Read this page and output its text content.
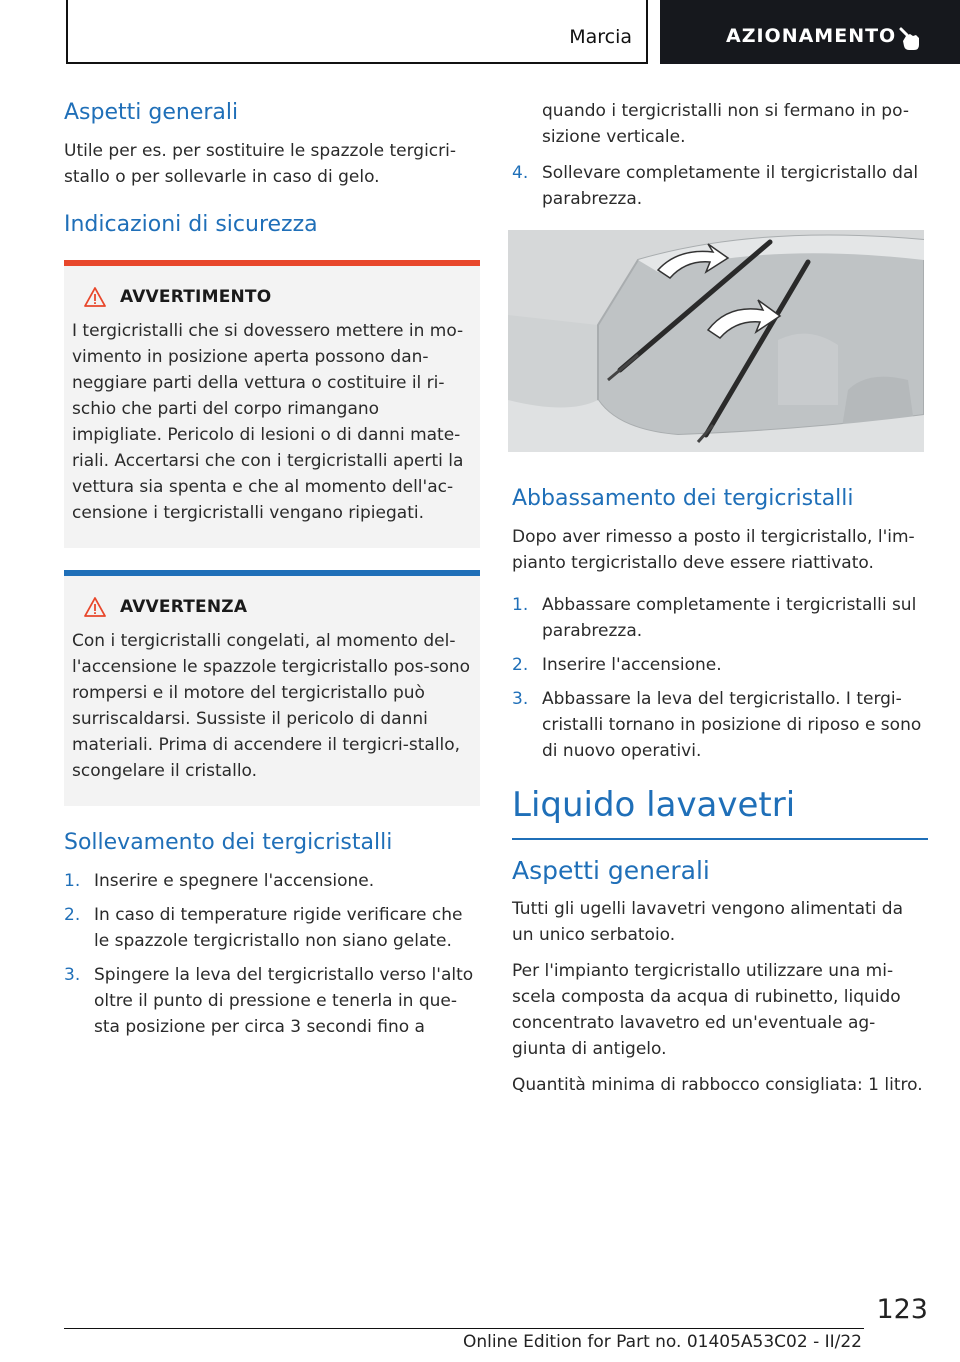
Marcia	AZIONAMENTO
Aspetti generali

Utile per es. per sostituire le spazzole tergicri-stallo o per sollevarle in caso di gelo.

Indicazioni di sicurezza
AVVERTIMENTO

I tergicristalli che si dovessero mettere in mo-vimento in posizione aperta possono dan-neggiare parti della vettura o costituire il ri-schio che parti del corpo rimangano impigliate. Pericolo di lesioni o di danni mate-riali. Accertarsi che con i tergicristalli aperti la vettura sia spenta e che al momento dell'ac-censione i tergicristalli vengano ripiegati.

AVVERTENZA

Con i tergicristalli congelati, al momento del-l'accensione le spazzole tergicristallo pos-sono rompersi e il motore del tergicristallo può surriscaldarsi. Sussiste il pericolo di danni materiali. Prima di accendere il tergicri-stallo, scongelare il cristallo.

Sollevamento dei tergicristalli
1. Inserire e spegnere l'accensione.
2. In caso di temperature rigide verificare che le spazzole tergicristallo non siano gelate.
3. Spingere la leva del tergicristallo verso l'alto oltre il punto di pressione e tenerla in que-sta posizione per circa 3 secondi fino a

quando i tergicristalli non si fermano in po-sizione verticale.

4. Sollevare completamente il tergicristallo dal parabrezza.
Abbassamento dei tergicristalli

Dopo aver rimesso a posto il tergicristallo, l'im-pianto tergicristallo deve essere riattivato.

1. Abbassare completamente i tergicristalli sul parabrezza.
2. Inserire l'accensione.
3. Abbassare la leva del tergicristallo. I tergi-cristalli tornano in posizione di riposo e sono di nuovo operativi.
Liquido lavavetri
Aspetti generali

Tutti gli ugelli lavavetri vengono alimentati da un unico serbatoio.

Per l'impianto tergicristallo utilizzare una mi-scela composta da acqua di rubinetto, liquido concentrato lavavetro ed un'eventuale ag-giunta di antigelo.

Quantità minima di rabbocco consigliata: 1 litro.

123
Online Edition for Part no. 01405A53C02 - II/22
